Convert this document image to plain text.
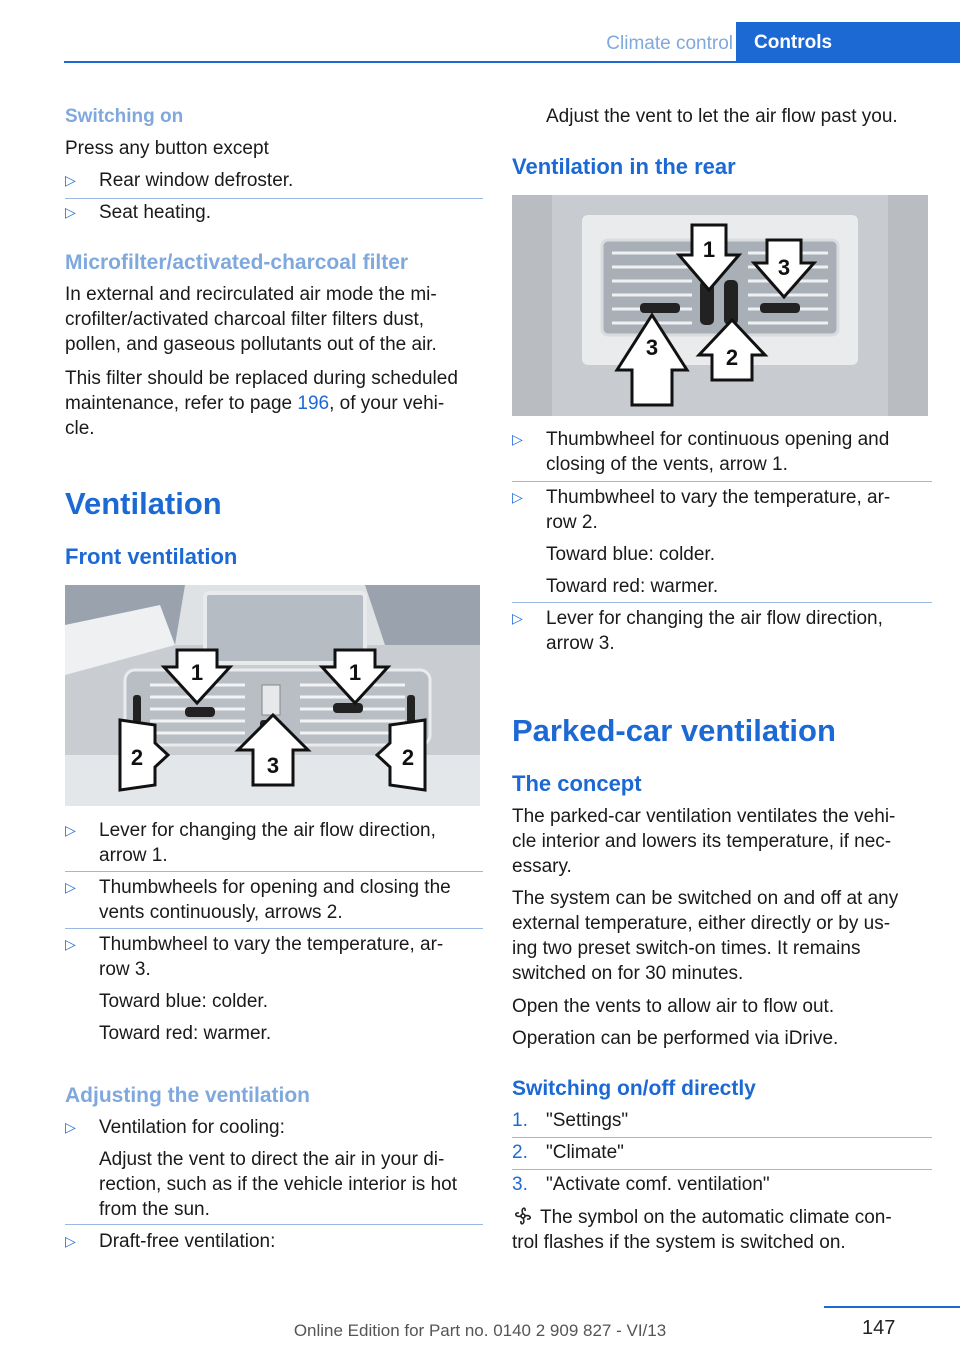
Climate control	Controls
Switching on
Press any button except
▷ Rear window defroster.
▷ Seat heating.
Microfilter/activated-charcoal filter
In external and recirculated air mode the mi-
crofilter/activated charcoal filter filters dust,
pollen, and gaseous pollutants out of the air.
This filter should be replaced during scheduled
maintenance, refer to page 196, of your vehi-
cle.
Ventilation
Front ventilation
1	1
2	3	2
▷ Lever for changing the air flow direction,
arrow 1.
▷ Thumbwheels for opening and closing the
vents continuously, arrows 2.
▷ Thumbwheel to vary the temperature, ar-
row 3.
Toward blue: colder.
Toward red: warmer.
Adjusting the ventilation
▷ Ventilation for cooling:
Adjust the vent to direct the air in your di-
rection, such as if the vehicle interior is hot
from the sun.
▷ Draft-free ventilation:
Adjust the vent to let the air flow past you.
Ventilation in the rear
1
3
3	2
▷ Thumbwheel for continuous opening and
closing of the vents, arrow 1.
▷ Thumbwheel to vary the temperature, ar-
row 2.
Toward blue: colder.
Toward red: warmer.
▷ Lever for changing the air flow direction,
arrow 3.
Parked-car ventilation
The concept
The parked-car ventilation ventilates the vehi-
cle interior and lowers its temperature, if nec-
essary.
The system can be switched on and off at any
external temperature, either directly or by us-
ing two preset switch-on times. It remains
switched on for 30 minutes.
Open the vents to allow air to flow out.
Operation can be performed via iDrive.
Switching on/off directly
1. "Settings"
2. "Climate"
3. "Activate comf. ventilation"
The symbol on the automatic climate con-
trol flashes if the system is switched on.
147
Online Edition for Part no. 0140 2 909 827 - VI/13
